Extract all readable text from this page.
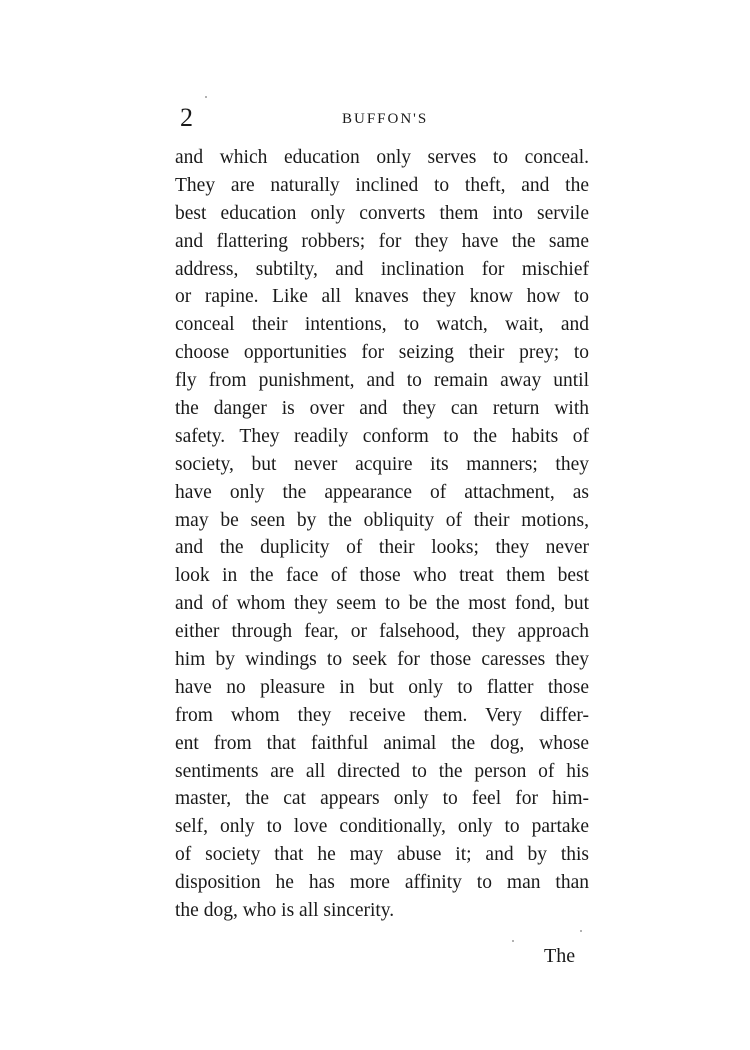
2	BUFFON'S
and which education only serves to conceal.
They are naturally inclined to theft, and the
best education only converts them into servile
and flattering robbers; for they have the same
address, subtilty, and inclination for mischief
or rapine. Like all knaves they know how to
conceal their intentions, to watch, wait, and
choose opportunities for seizing their prey; to
fly from punishment, and to remain away until
the danger is over and they can return with
safety. They readily conform to the habits of
society, but never acquire its manners; they
have only the appearance of attachment, as
may be seen by the obliquity of their motions,
and the duplicity of their looks; they never
look in the face of those who treat them best
and of whom they seem to be the most fond, but
either through fear, or falsehood, they approach
him by windings to seek for those caresses they
have no pleasure in but only to flatter those
from whom they receive them. Very differ-
ent from that faithful animal the dog, whose
sentiments are all directed to the person of his
master, the cat appears only to feel for him-
self, only to love conditionally, only to partake
of society that he may abuse it; and by this
disposition he has more affinity to man than
the dog, who is all sincerity.
The
